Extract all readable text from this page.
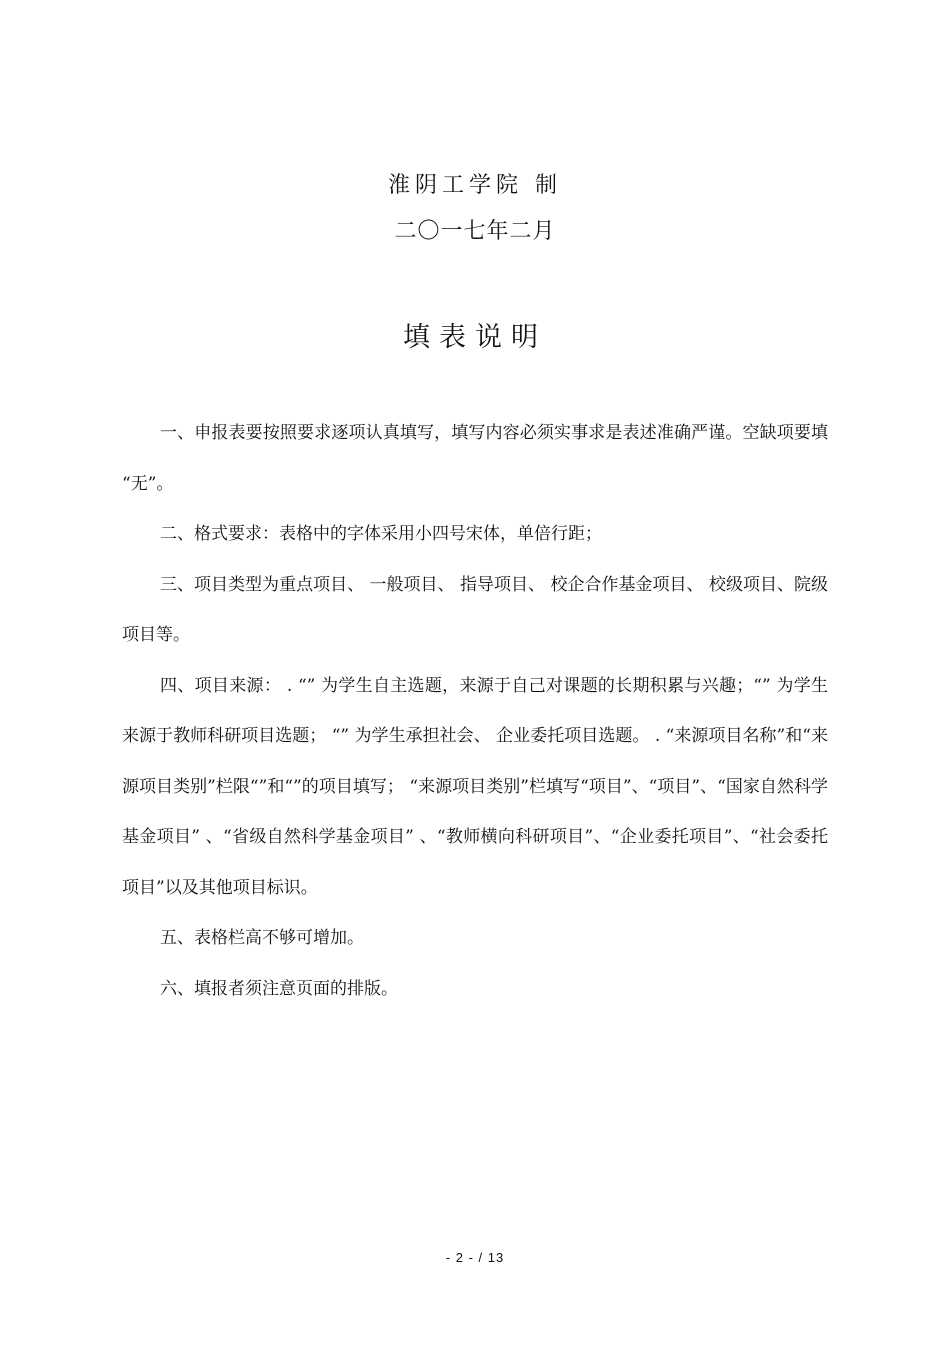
淮阴工学院 制
二〇一七年二月
填表说明

一、申报表要按照要求逐项认真填写，填写内容必须实事求是表述准确严谨。空缺项要填 “无”。

二、格式要求：表格中的字体采用小四号宋体，单倍行距；

三、项目类型为重点项目、 一般项目、 指导项目、 校企合作基金项目、 校级项目、院级项目等。

四、项目来源： . “” 为学生自主选题，来源于自己对课题的长期积累与兴趣；“” 为学生来源于教师科研项目选题； “” 为学生承担社会、 企业委托项目选题。 . “来源项目名称”和“来源项目类别”栏限“”和“”的项目填写； “来源项目类别”栏填写“项目”、“项目”、“国家自然科学基金项目” 、“省级自然科学基金项目” 、“教师横向科研项目”、“企业委托项目”、“社会委托项目”以及其他项目标识。

五、表格栏高不够可增加。

六、填报者须注意页面的排版。

- 2 - / 13
